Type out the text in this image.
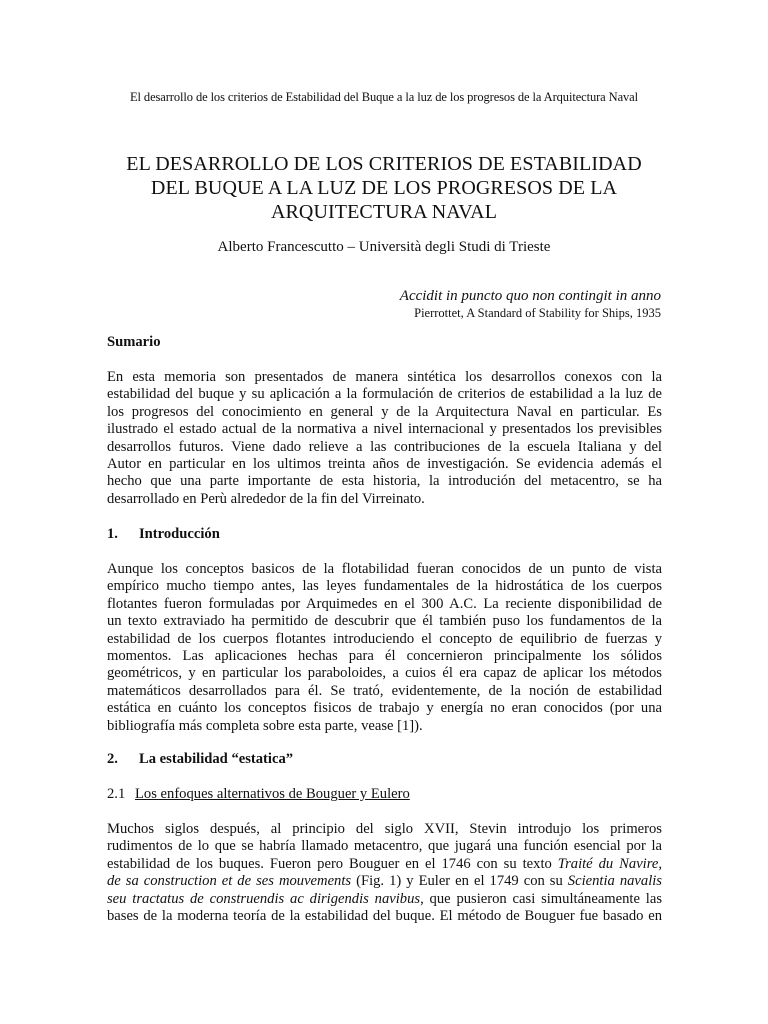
El desarrollo de los criterios de Estabilidad del Buque a la luz de los progresos de la Arquitectura Naval
EL DESARROLLO DE LOS CRITERIOS DE ESTABILIDAD
DEL BUQUE A LA LUZ DE LOS PROGRESOS DE LA
ARQUITECTURA NAVAL
Alberto Francescutto – Università degli Studi di Trieste
Accidit in puncto quo non contingit in anno
Pierrottet, A Standard of Stability for Ships, 1935
Sumario
En esta memoria son presentados de manera sintética los desarrollos conexos con la
estabilidad del buque y su aplicación a la formulación de criterios de estabilidad a la luz de
los progresos del conocimiento en general y de la Arquitectura Naval en particular. Es
ilustrado el estado actual de la normativa a nivel internacional y presentados los previsibles
desarrollos futuros. Viene dado relieve a las contribuciones de la escuela Italiana y del
Autor en particular en los ultimos treinta años de investigación. Se evidencia además el
hecho que una parte importante de esta historia, la introdución del metacentro, se ha
desarrollado en Perù alrededor de la fin del Virreinato.
1. Introducción
Aunque los conceptos basicos de la flotabilidad fueran conocidos de un punto de vista
empírico mucho tiempo antes, las leyes fundamentales de la hidrostática de los cuerpos
flotantes fueron formuladas por Arquimedes en el 300 A.C. La reciente disponibilidad de
un texto extraviado ha permitido de descubrir que él también puso los fundamentos de la
estabilidad de los cuerpos flotantes introduciendo el concepto de equilibrio de fuerzas y
momentos. Las aplicaciones hechas para él concernieron principalmente los sólidos
geométricos, y en particular los paraboloides, a cuios él era capaz de aplicar los métodos
matemáticos desarrollados para él. Se trató, evidentemente, de la noción de estabilidad
estática en cuánto los conceptos fisicos de trabajo y energía no eran conocidos (por una
bibliografía más completa sobre esta parte, vease [1]).
2. La estabilidad “estatica”
2.1 Los enfoques alternativos de Bouguer y Eulero
Muchos siglos después, al principio del siglo XVII, Stevin introdujo los primeros
rudimentos de lo que se habría llamado metacentro, que jugará una función esencial por la
estabilidad de los buques. Fueron pero Bouguer en el 1746 con su texto Traité du Navire,
de sa construction et de ses mouvements (Fig. 1) y Euler en el 1749 con su Scientia navalis
seu tractatus de construendis ac dirigendis navibus, que pusieron casi simultáneamente las
bases de la moderna teoría de la estabilidad del buque. El método de Bouguer fue basado en
